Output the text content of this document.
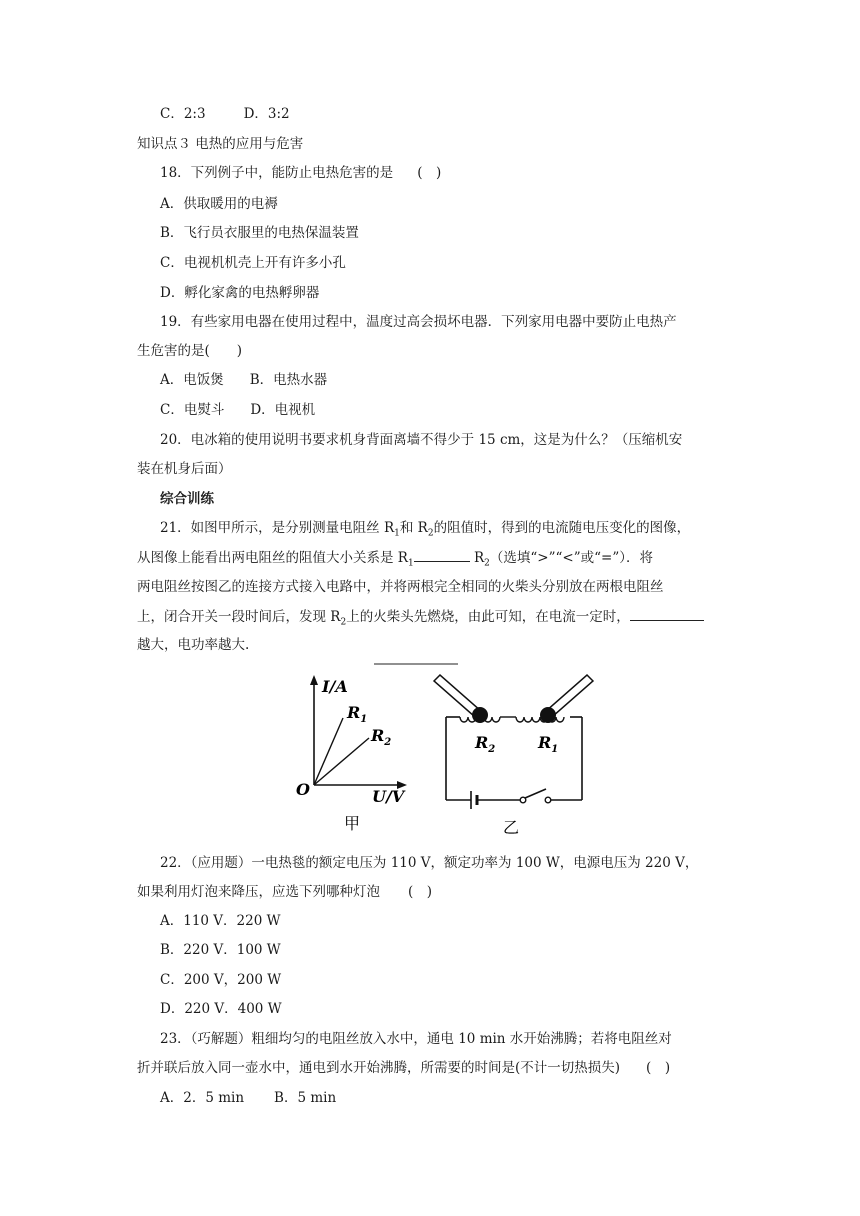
C．2:3	D．3:2
知识点３ 电热的应用与危害
18．下列例子中，能防止电热危害的是 (　)
A．供取暖用的电褥
B．飞行员衣服里的电热保温装置
C．电视机机壳上开有许多小孔
D．孵化家禽的电热孵卵器
19．有些家用电器在使用过程中，温度过高会损坏电器．下列家用电器中要防止电热产
生危害的是(　　)
A．电饭煲 B．电热水器
C．电熨斗 D．电视机
20．电冰箱的使用说明书要求机身背面离墙不得少于 15 cm，这是为什么？（压缩机安
装在机身后面）
综合训练
21．如图甲所示，是分别测量电阻丝 $R_1$和 $R_2$的阻值时，得到的电流随电压变化的图像，
从图像上能看出两电阻丝的阻值大小关系是 $R_1$	$R_2$（选填“>”“<”或“=”）．将
两电阻丝按图乙的连接方式接入电路中，并将两根完全相同的火柴头分别放在两根电阻丝
上，闭合开关一段时间后，发现 $R_2$上的火柴头先燃烧，由此可知，在电流一定时，
越大，电功率越大.
I/A
U/V
O
$R_1$
$R_2$
甲
$R_2$	$R_1$
乙
22．（应用题）一电热毯的额定电压为 110 V，额定功率为 100 W，电源电压为 220 V，
如果利用灯泡来降压，应选下列哪种灯泡 (　)
A．110 V．220 W
B．220 V．100 W
C．200 V，200 W
D．220 V．400 W
23．（巧解题）粗细均匀的电阻丝放入水中，通电 10 min 水开始沸腾；若将电阻丝对
折并联后放入同一壶水中，通电到水开始沸腾，所需要的时间是(不计一切热损失) (　)
A．2．5 min B．5 min
